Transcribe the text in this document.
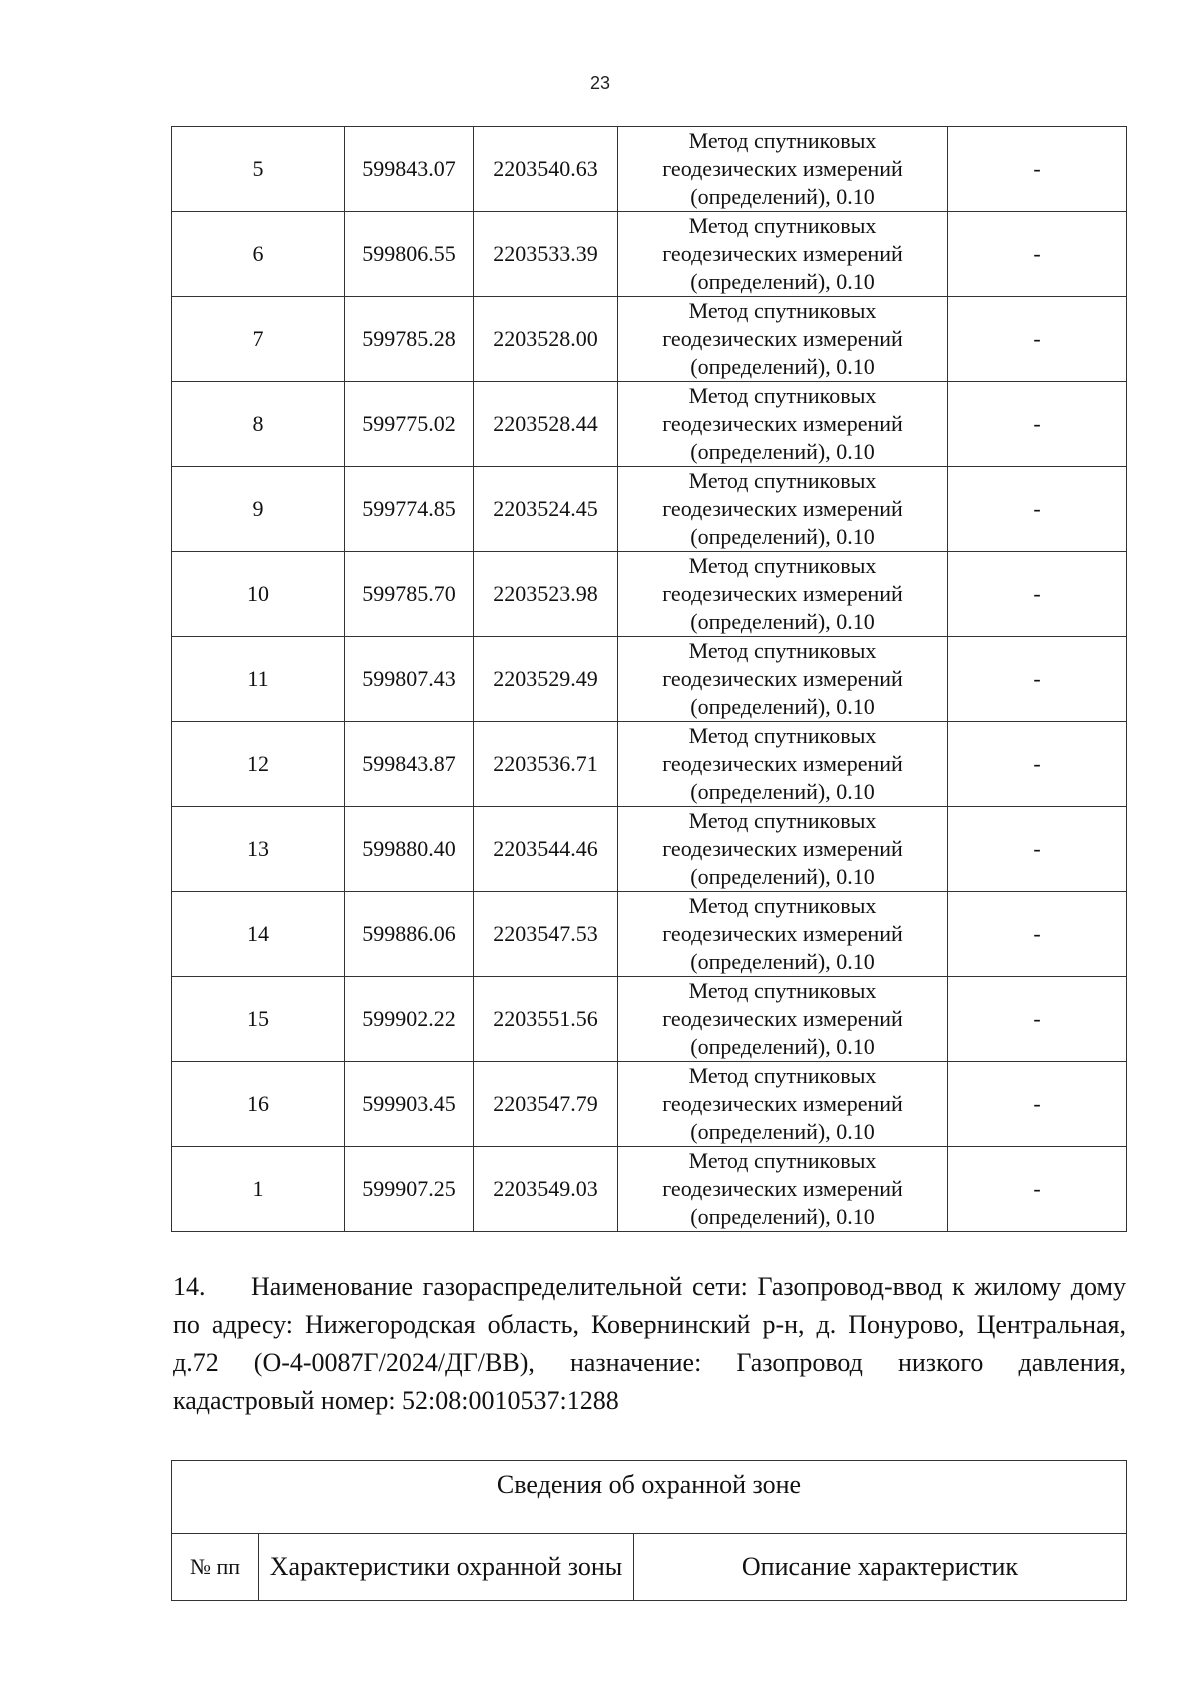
23
5	599843.07	2203540.63	Метод спутниковых
геодезических измерений
(определений), 0.10	-
6	599806.55	2203533.39	Метод спутниковых
геодезических измерений
(определений), 0.10	-
7	599785.28	2203528.00	Метод спутниковых
геодезических измерений
(определений), 0.10	-
8	599775.02	2203528.44	Метод спутниковых
геодезических измерений
(определений), 0.10	-
9	599774.85	2203524.45	Метод спутниковых
геодезических измерений
(определений), 0.10	-
10	599785.70	2203523.98	Метод спутниковых
геодезических измерений
(определений), 0.10	-
11	599807.43	2203529.49	Метод спутниковых
геодезических измерений
(определений), 0.10	-
12	599843.87	2203536.71	Метод спутниковых
геодезических измерений
(определений), 0.10	-
13	599880.40	2203544.46	Метод спутниковых
геодезических измерений
(определений), 0.10	-
14	599886.06	2203547.53	Метод спутниковых
геодезических измерений
(определений), 0.10	-
15	599902.22	2203551.56	Метод спутниковых
геодезических измерений
(определений), 0.10	-
16	599903.45	2203547.79	Метод спутниковых
геодезических измерений
(определений), 0.10	-
1	599907.25	2203549.03	Метод спутниковых
геодезических измерений
(определений), 0.10	-
14. Наименование газораспределительной сети: Газопровод-ввод к жилому дому по адресу: Нижегородская область, Ковернинский р-н, д. Понурово, Центральная, д.72 (О-4-0087Г/2024/ДГ/ВВ), назначение: Газопровод низкого давления, кадастровый номер: 52:08:0010537:1288
Сведения об охранной зоне
№ пп	Характеристики охранной зоны	Описание характеристик
